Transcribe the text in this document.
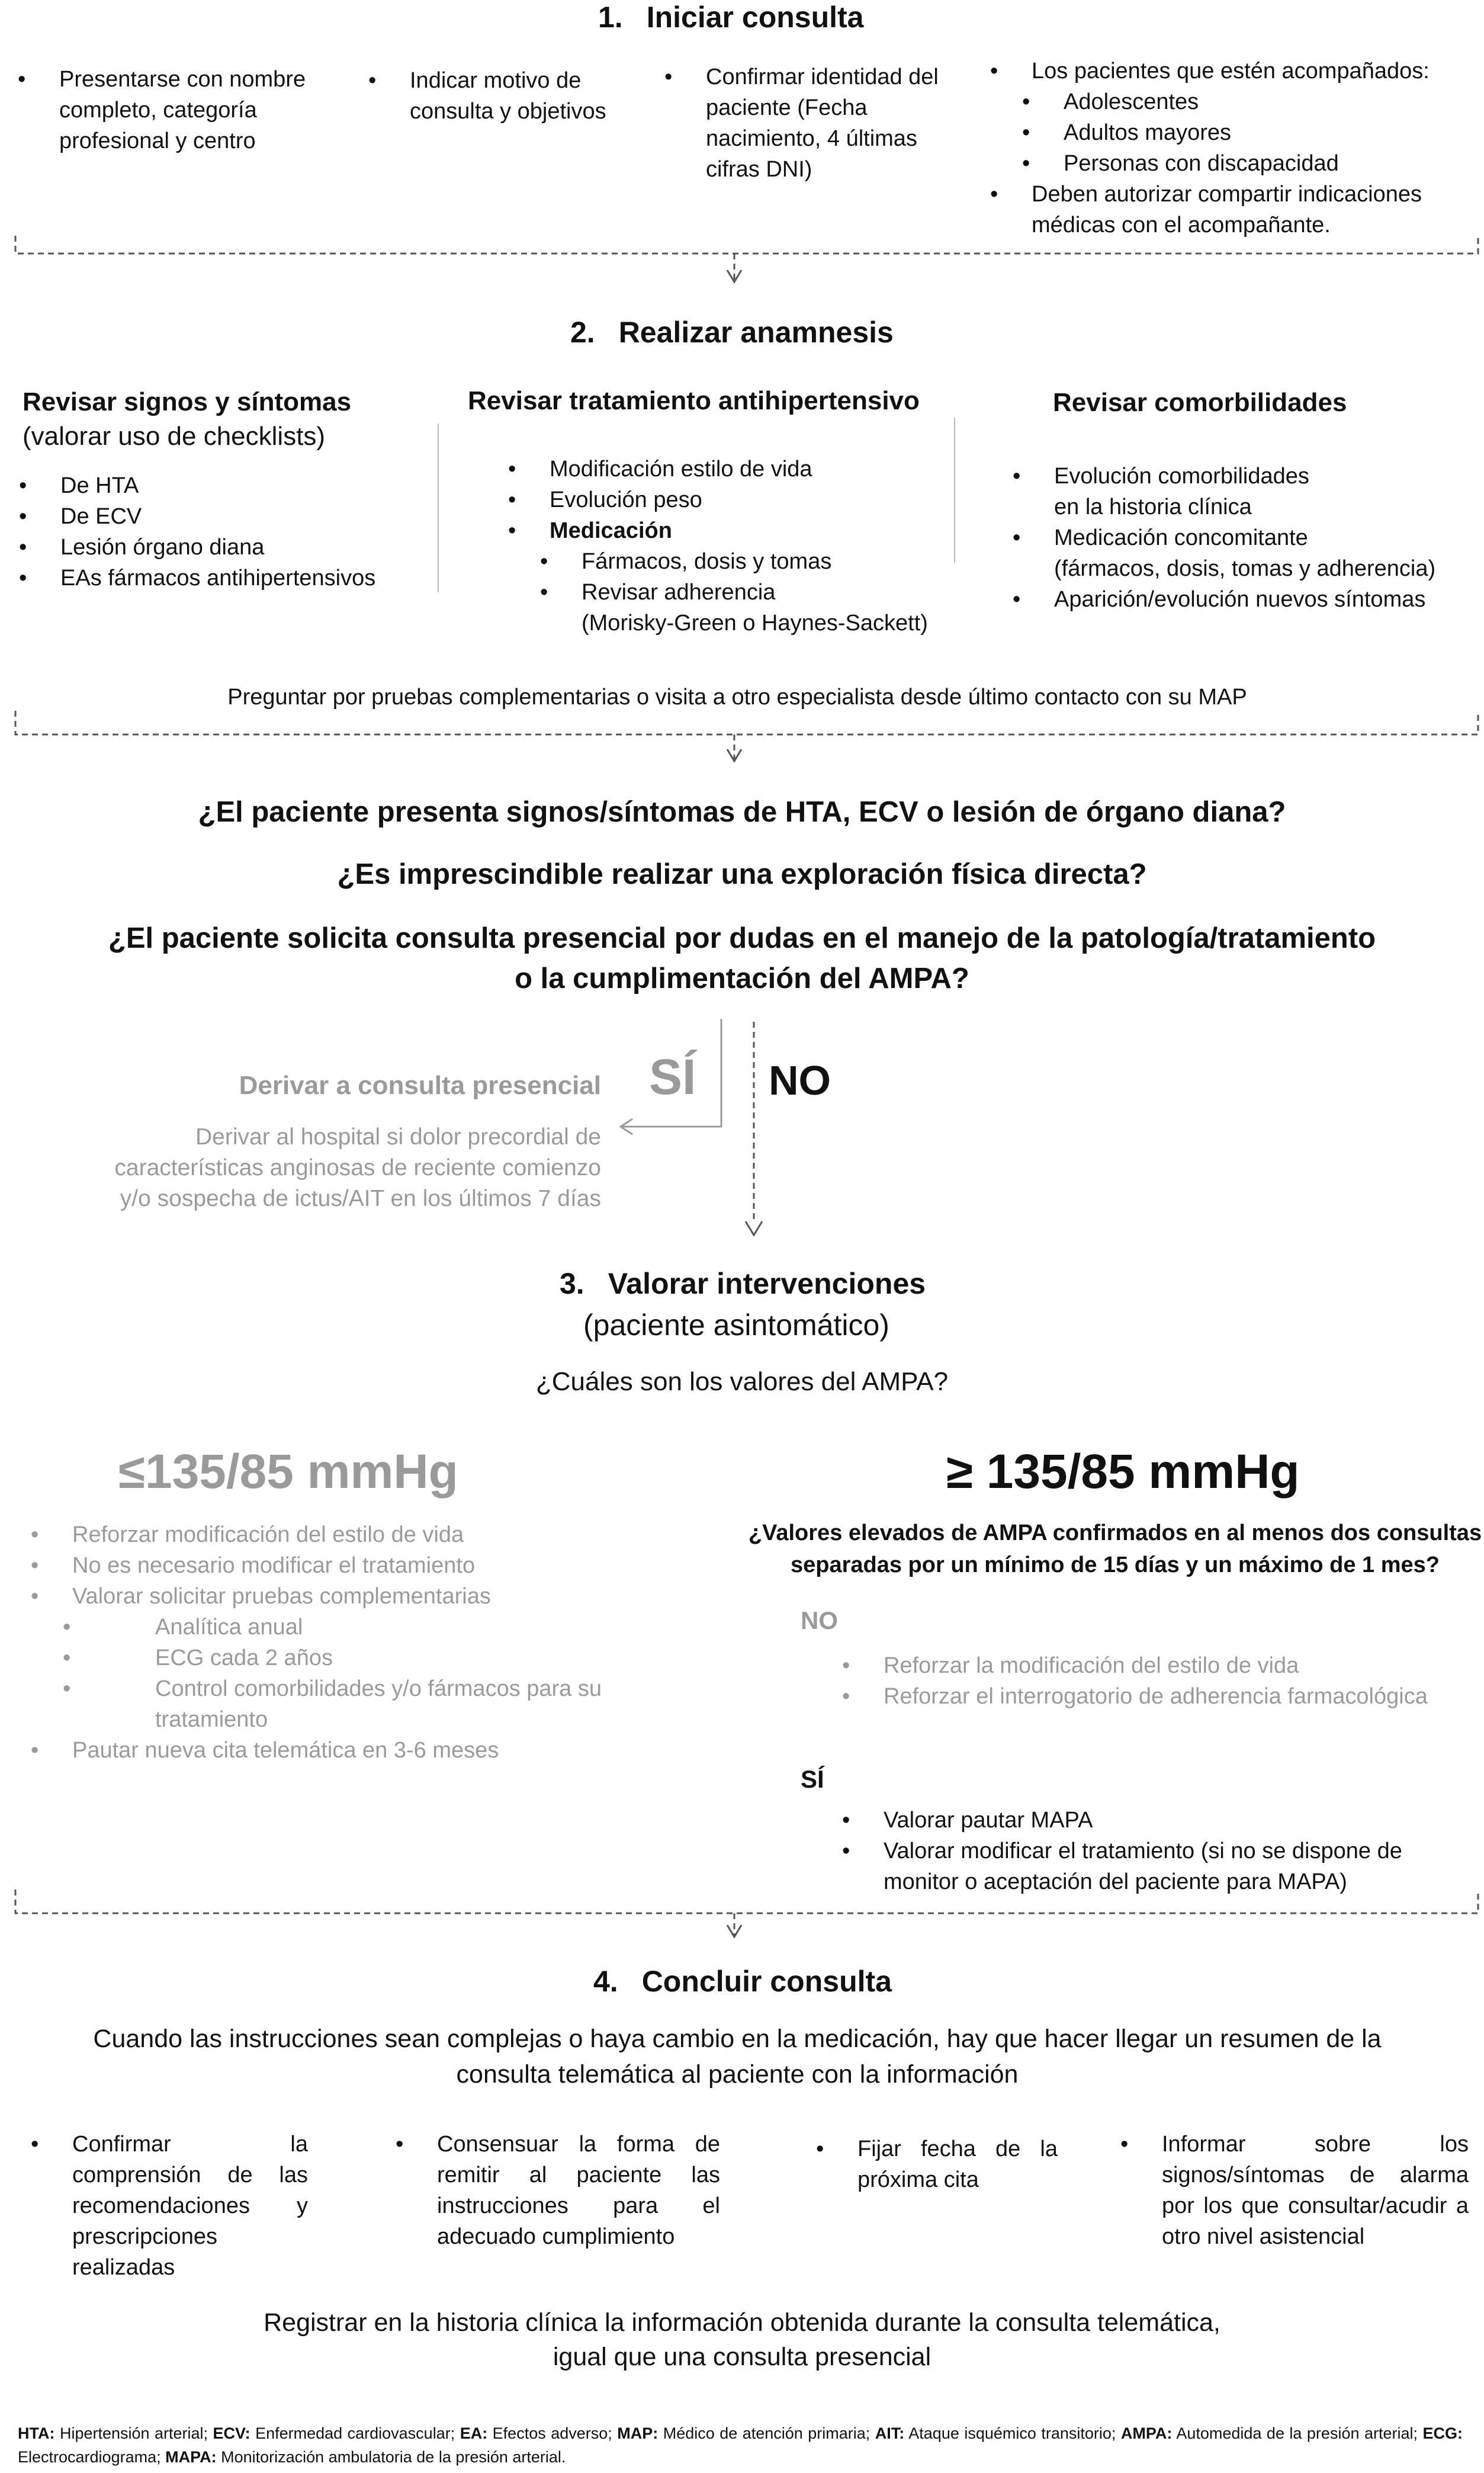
1. Iniciar consulta
• Presentarse con nombre completo, categoría profesional y centro
• Indicar motivo de consulta y objetivos
• Confirmar identidad del paciente (Fecha nacimiento, 4 últimas cifras DNI)
• Los pacientes que estén acompañados:
• Adolescentes
• Adultos mayores
• Personas con discapacidad
• Deben autorizar compartir indicaciones médicas con el acompañante.
2. Realizar anamnesis
Revisar signos y síntomas
(valorar uso de checklists)
• De HTA
• De ECV
• Lesión órgano diana
• EAs fármacos antihipertensivos
Revisar tratamiento antihipertensivo
• Modificación estilo de vida
• Evolución peso
• Medicación
• Fármacos, dosis y tomas
• Revisar adherencia
(Morisky-Green o Haynes-Sackett)
Revisar comorbilidades
• Evolución comorbilidades
en la historia clínica
• Medicación concomitante
(fármacos, dosis, tomas y adherencia)
• Aparición/evolución nuevos síntomas
Preguntar por pruebas complementarias o visita a otro especialista desde último contacto con su MAP
¿El paciente presenta signos/síntomas de HTA, ECV o lesión de órgano diana?
¿Es imprescindible realizar una exploración física directa?
¿El paciente solicita consulta presencial por dudas en el manejo de la patología/tratamiento
o la cumplimentación del AMPA?
SÍ NO
Derivar a consulta presencial
Derivar al hospital si dolor precordial de
características anginosas de reciente comienzo
y/o sospecha de ictus/AIT en los últimos 7 días
3. Valorar intervenciones
(paciente asintomático)
¿Cuáles son los valores del AMPA?
≤135/85 mmHg
• Reforzar modificación del estilo de vida
• No es necesario modificar el tratamiento
• Valorar solicitar pruebas complementarias
• Analítica anual
• ECG cada 2 años
• Control comorbilidades y/o fármacos para su
tratamiento
• Pautar nueva cita telemática en 3-6 meses
≥ 135/85 mmHg
¿Valores elevados de AMPA confirmados en al menos dos consultas
separadas por un mínimo de 15 días y un máximo de 1 mes?
NO
• Reforzar la modificación del estilo de vida
• Reforzar el interrogatorio de adherencia farmacológica
SÍ
• Valorar pautar MAPA
• Valorar modificar el tratamiento (si no se dispone de
monitor o aceptación del paciente para MAPA)
4. Concluir consulta
Cuando las instrucciones sean complejas o haya cambio en la medicación, hay que hacer llegar un resumen de la
consulta telemática al paciente con la información
• Confirmar la comprensión de las recomendaciones y prescripciones realizadas
• Consensuar la forma de remitir al paciente las instrucciones para el adecuado cumplimiento
• Fijar fecha de la próxima cita
• Informar sobre los signos/síntomas de alarma por los que consultar/acudir a otro nivel asistencial
Registrar en la historia clínica la información obtenida durante la consulta telemática,
igual que una consulta presencial
HTA: Hipertensión arterial; ECV: Enfermedad cardiovascular; EA: Efectos adverso; MAP: Médico de atención primaria; AIT: Ataque isquémico transitorio; AMPA: Automedida de la presión arterial; ECG: Electrocardiograma; MAPA: Monitorización ambulatoria de la presión arterial.
